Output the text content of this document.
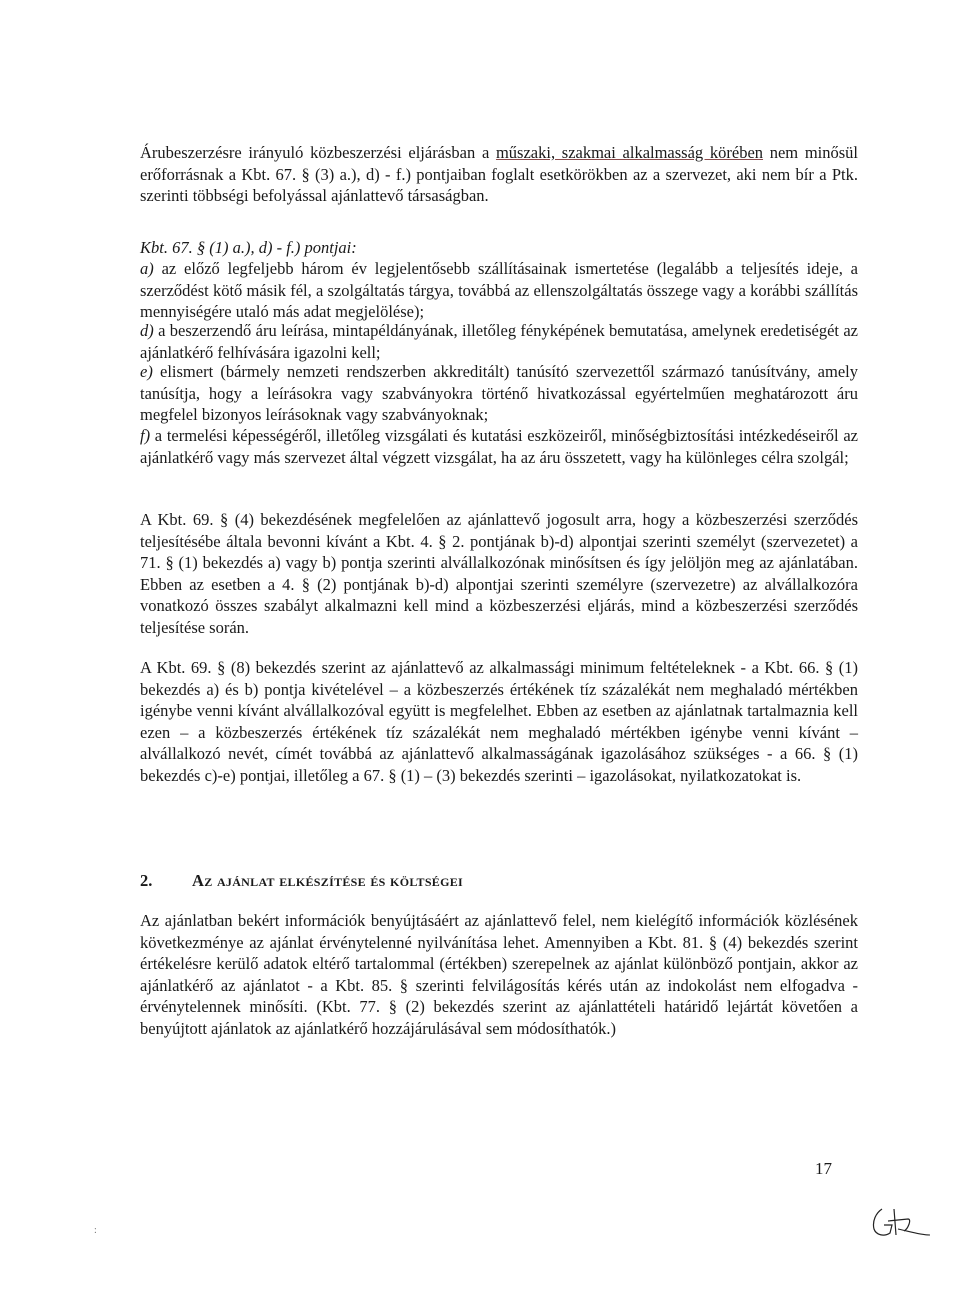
Árubeszerzésre irányuló közbeszerzési eljárásban a műszaki, szakmai alkalmasság körében nem minősül erőforrásnak a Kbt. 67. § (3) a.), d) - f.) pontjaiban foglalt esetkörökben az a szervezet, aki nem bír a Ptk. szerinti többségi befolyással ajánlattevő társaságban.

Kbt. 67. § (1) a.), d) - f.) pontjai:

a) az előző legfeljebb három év legjelentősebb szállításainak ismertetése (legalább a teljesítés ideje, a szerződést kötő másik fél, a szolgáltatás tárgya, továbbá az ellenszolgáltatás összege vagy a korábbi szállítás mennyiségére utaló más adat megjelölése);

d) a beszerzendő áru leírása, mintapéldányának, illetőleg fényképének bemutatása, amelynek eredetiségét az ajánlatkérő felhívására igazolni kell;

e) elismert (bármely nemzeti rendszerben akkreditált) tanúsító szervezettől származó tanúsítvány, amely tanúsítja, hogy a leírásokra vagy szabványokra történő hivatkozással egyértelműen meghatározott áru megfelel bizonyos leírásoknak vagy szabványoknak;

f) a termelési képességéről, illetőleg vizsgálati és kutatási eszközeiről, minőségbiztosítási intézkedéseiről az ajánlatkérő vagy más szervezet által végzett vizsgálat, ha az áru összetett, vagy ha különleges célra szolgál;

A Kbt. 69. § (4) bekezdésének megfelelően az ajánlattevő jogosult arra, hogy a közbeszerzési szerződés teljesítésébe általa bevonni kívánt a Kbt. 4. § 2. pontjának b)-d) alpontjai szerinti személyt (szervezetet) a 71. § (1) bekezdés a) vagy b) pontja szerinti alvállalkozónak minősítsen és így jelöljön meg az ajánlatában. Ebben az esetben a 4. § (2) pontjának b)-d) alpontjai szerinti személyre (szervezetre) az alvállalkozóra vonatkozó összes szabályt alkalmazni kell mind a közbeszerzési eljárás, mind a közbeszerzési szerződés teljesítése során.

A Kbt. 69. § (8) bekezdés szerint az ajánlattevő az alkalmassági minimum feltételeknek - a Kbt. 66. § (1) bekezdés a) és b) pontja kivételével – a közbeszerzés értékének tíz százalékát nem meghaladó mértékben igénybe venni kívánt alvállalkozóval együtt is megfelelhet. Ebben az esetben az ajánlatnak tartalmaznia kell ezen – a közbeszerzés értékének tíz százalékát nem meghaladó mértékben igénybe venni kívánt – alvállalkozó nevét, címét továbbá az ajánlattevő alkalmasságának igazolásához szükséges - a 66. § (1) bekezdés c)-e) pontjai, illetőleg a 67. § (1) – (3) bekezdés szerinti – igazolásokat, nyilatkozatokat is.

2. Az ajánlat elkészítése és költségei

Az ajánlatban bekért információk benyújtásáért az ajánlattevő felel, nem kielégítő információk közlésének következménye az ajánlat érvénytelenné nyilvánítása lehet. Amennyiben a Kbt. 81. § (4) bekezdés szerint értékelésre kerülő adatok eltérő tartalommal (értékben) szerepelnek az ajánlat különböző pontjain, akkor az ajánlatkérő az ajánlatot - a Kbt. 85. § szerinti felvilágosítás kérés után az indokolást nem elfogadva - érvénytelennek minősíti. (Kbt. 77. § (2) bekezdés szerint az ajánlattételi határidő lejártát követően a benyújtott ajánlatok az ajánlatkérő hozzájárulásával sem módosíthatók.)

17
:
